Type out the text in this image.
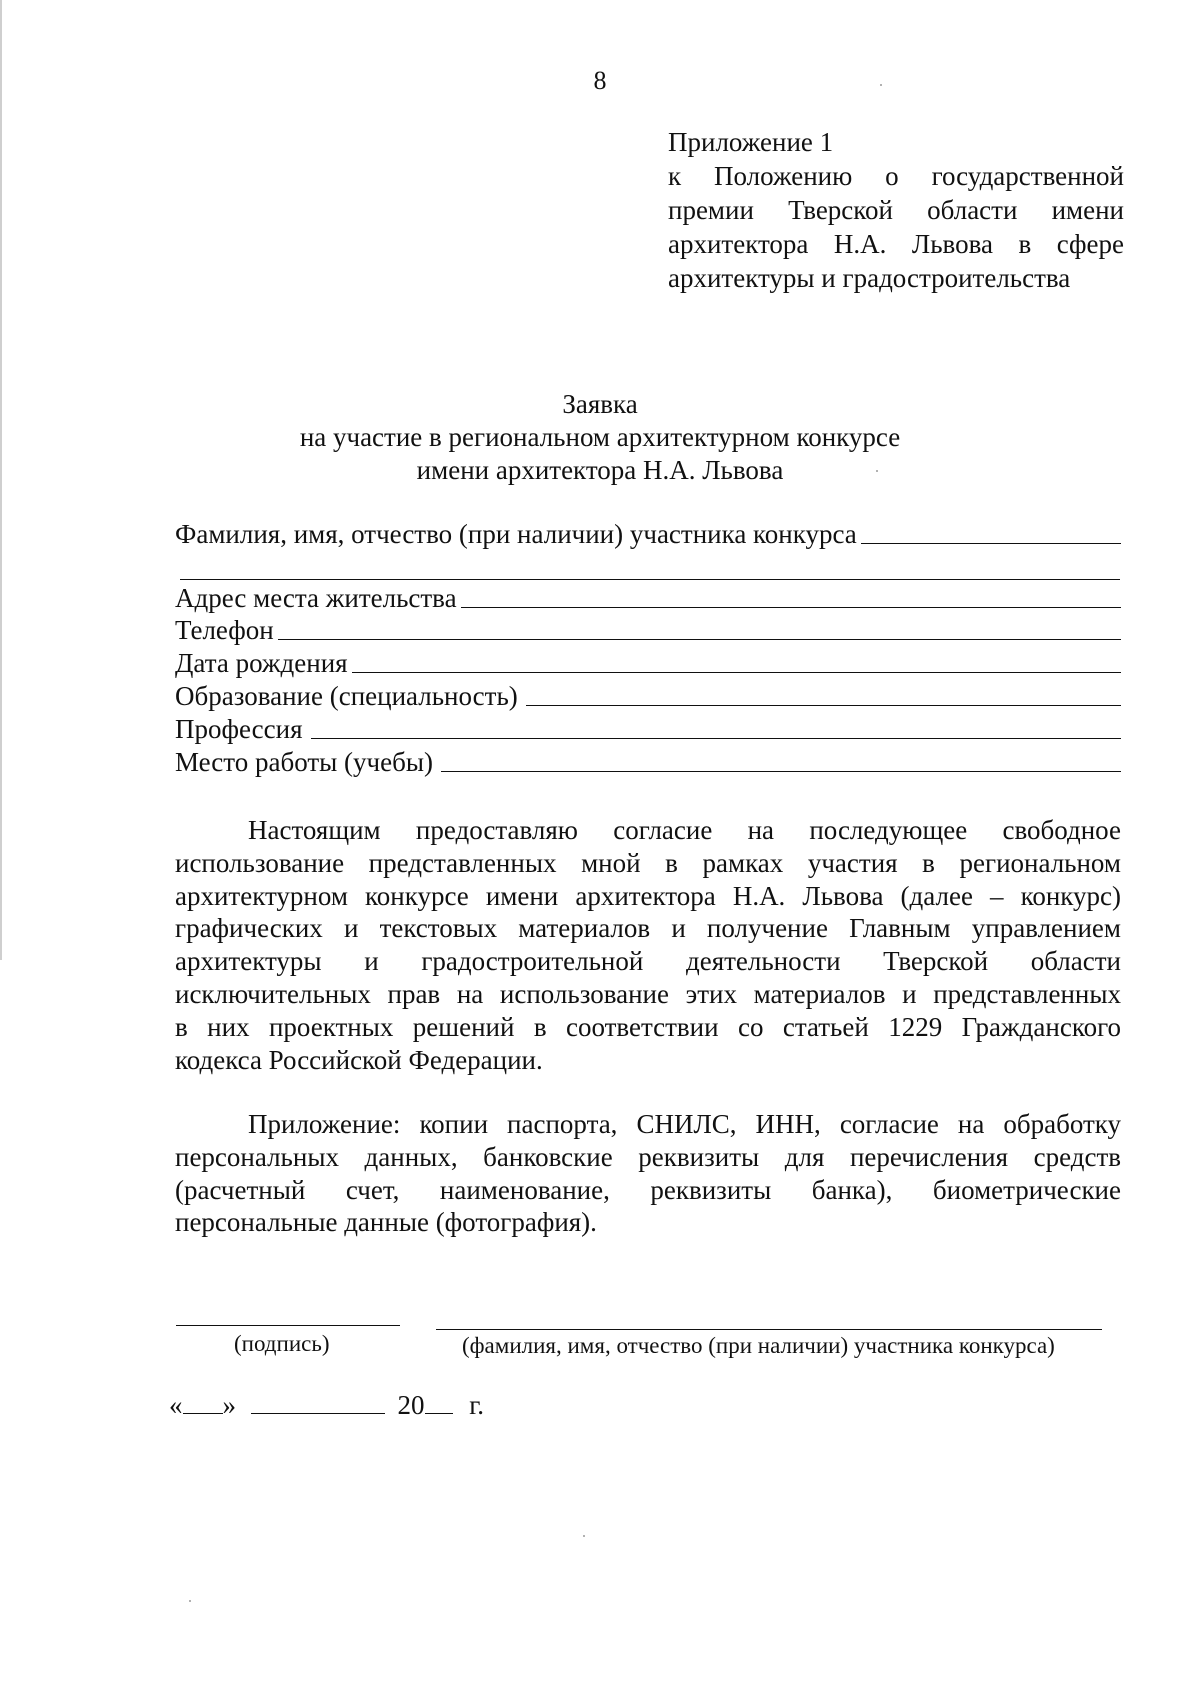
8
Приложение 1
к Положению о государственной
премии Тверской области имени
архитектора Н.А. Львова в сфере
архитектуры и градостроительства
Заявка
на участие в региональном архитектурном конкурсе
имени архитектора Н.А. Львова
Фамилия, имя, отчество (при наличии) участника конкурса
Адрес места жительства
Телефон
Дата рождения
Образование (специальность)
Профессия
Место работы (учебы)
Настоящим предоставляю согласие на последующее свободное
использование представленных мной в рамках участия в региональном
архитектурном конкурсе имени архитектора Н.А. Львова (далее – конкурс)
графических и текстовых материалов и получение Главным управлением
архитектуры и градостроительной деятельности Тверской области
исключительных прав на использование этих материалов и представленных
в них проектных решений в соответствии со статьей 1229 Гражданского
кодекса Российской Федерации.
Приложение: копии паспорта, СНИЛС, ИНН, согласие на обработку
персональных данных, банковские реквизиты для перечисления средств
(расчетный счет, наименование, реквизиты банка), биометрические
персональные данные (фотография).
(подпись)	(фамилия, имя, отчество (при наличии) участника конкурса)
« »	20 г.
